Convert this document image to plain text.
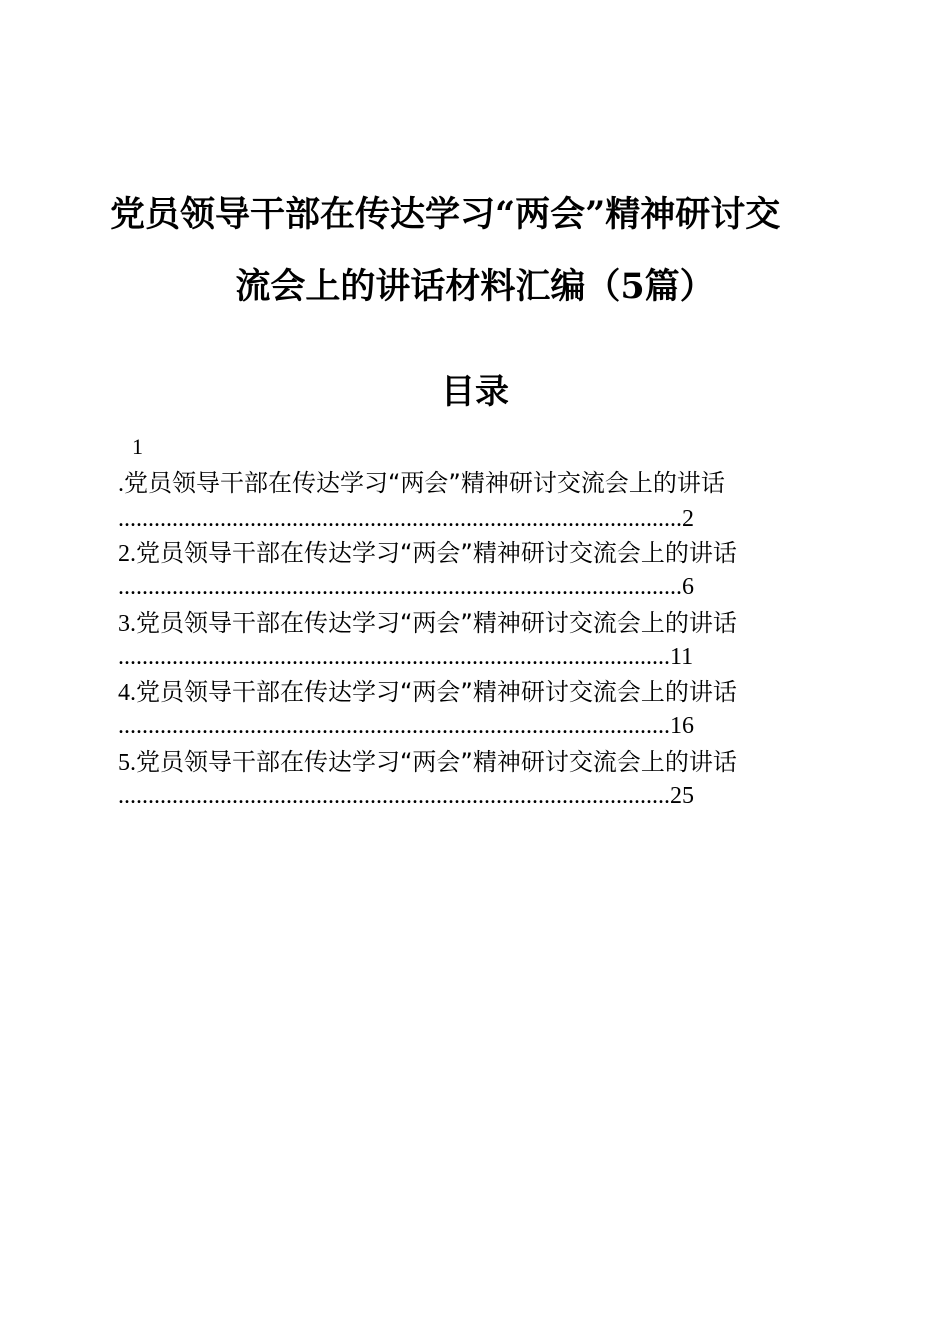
党员领导干部在传达学习“两会”精神研讨交
流会上的讲话材料汇编（5篇）
目录
1
.党员领导干部在传达学习“两会”精神研讨交流会上的讲话
..............................................................................................2
2.党员领导干部在传达学习“两会”精神研讨交流会上的讲话
..............................................................................................6
3.党员领导干部在传达学习“两会”精神研讨交流会上的讲话
............................................................................................11
4.党员领导干部在传达学习“两会”精神研讨交流会上的讲话
............................................................................................16
5.党员领导干部在传达学习“两会”精神研讨交流会上的讲话
............................................................................................25
